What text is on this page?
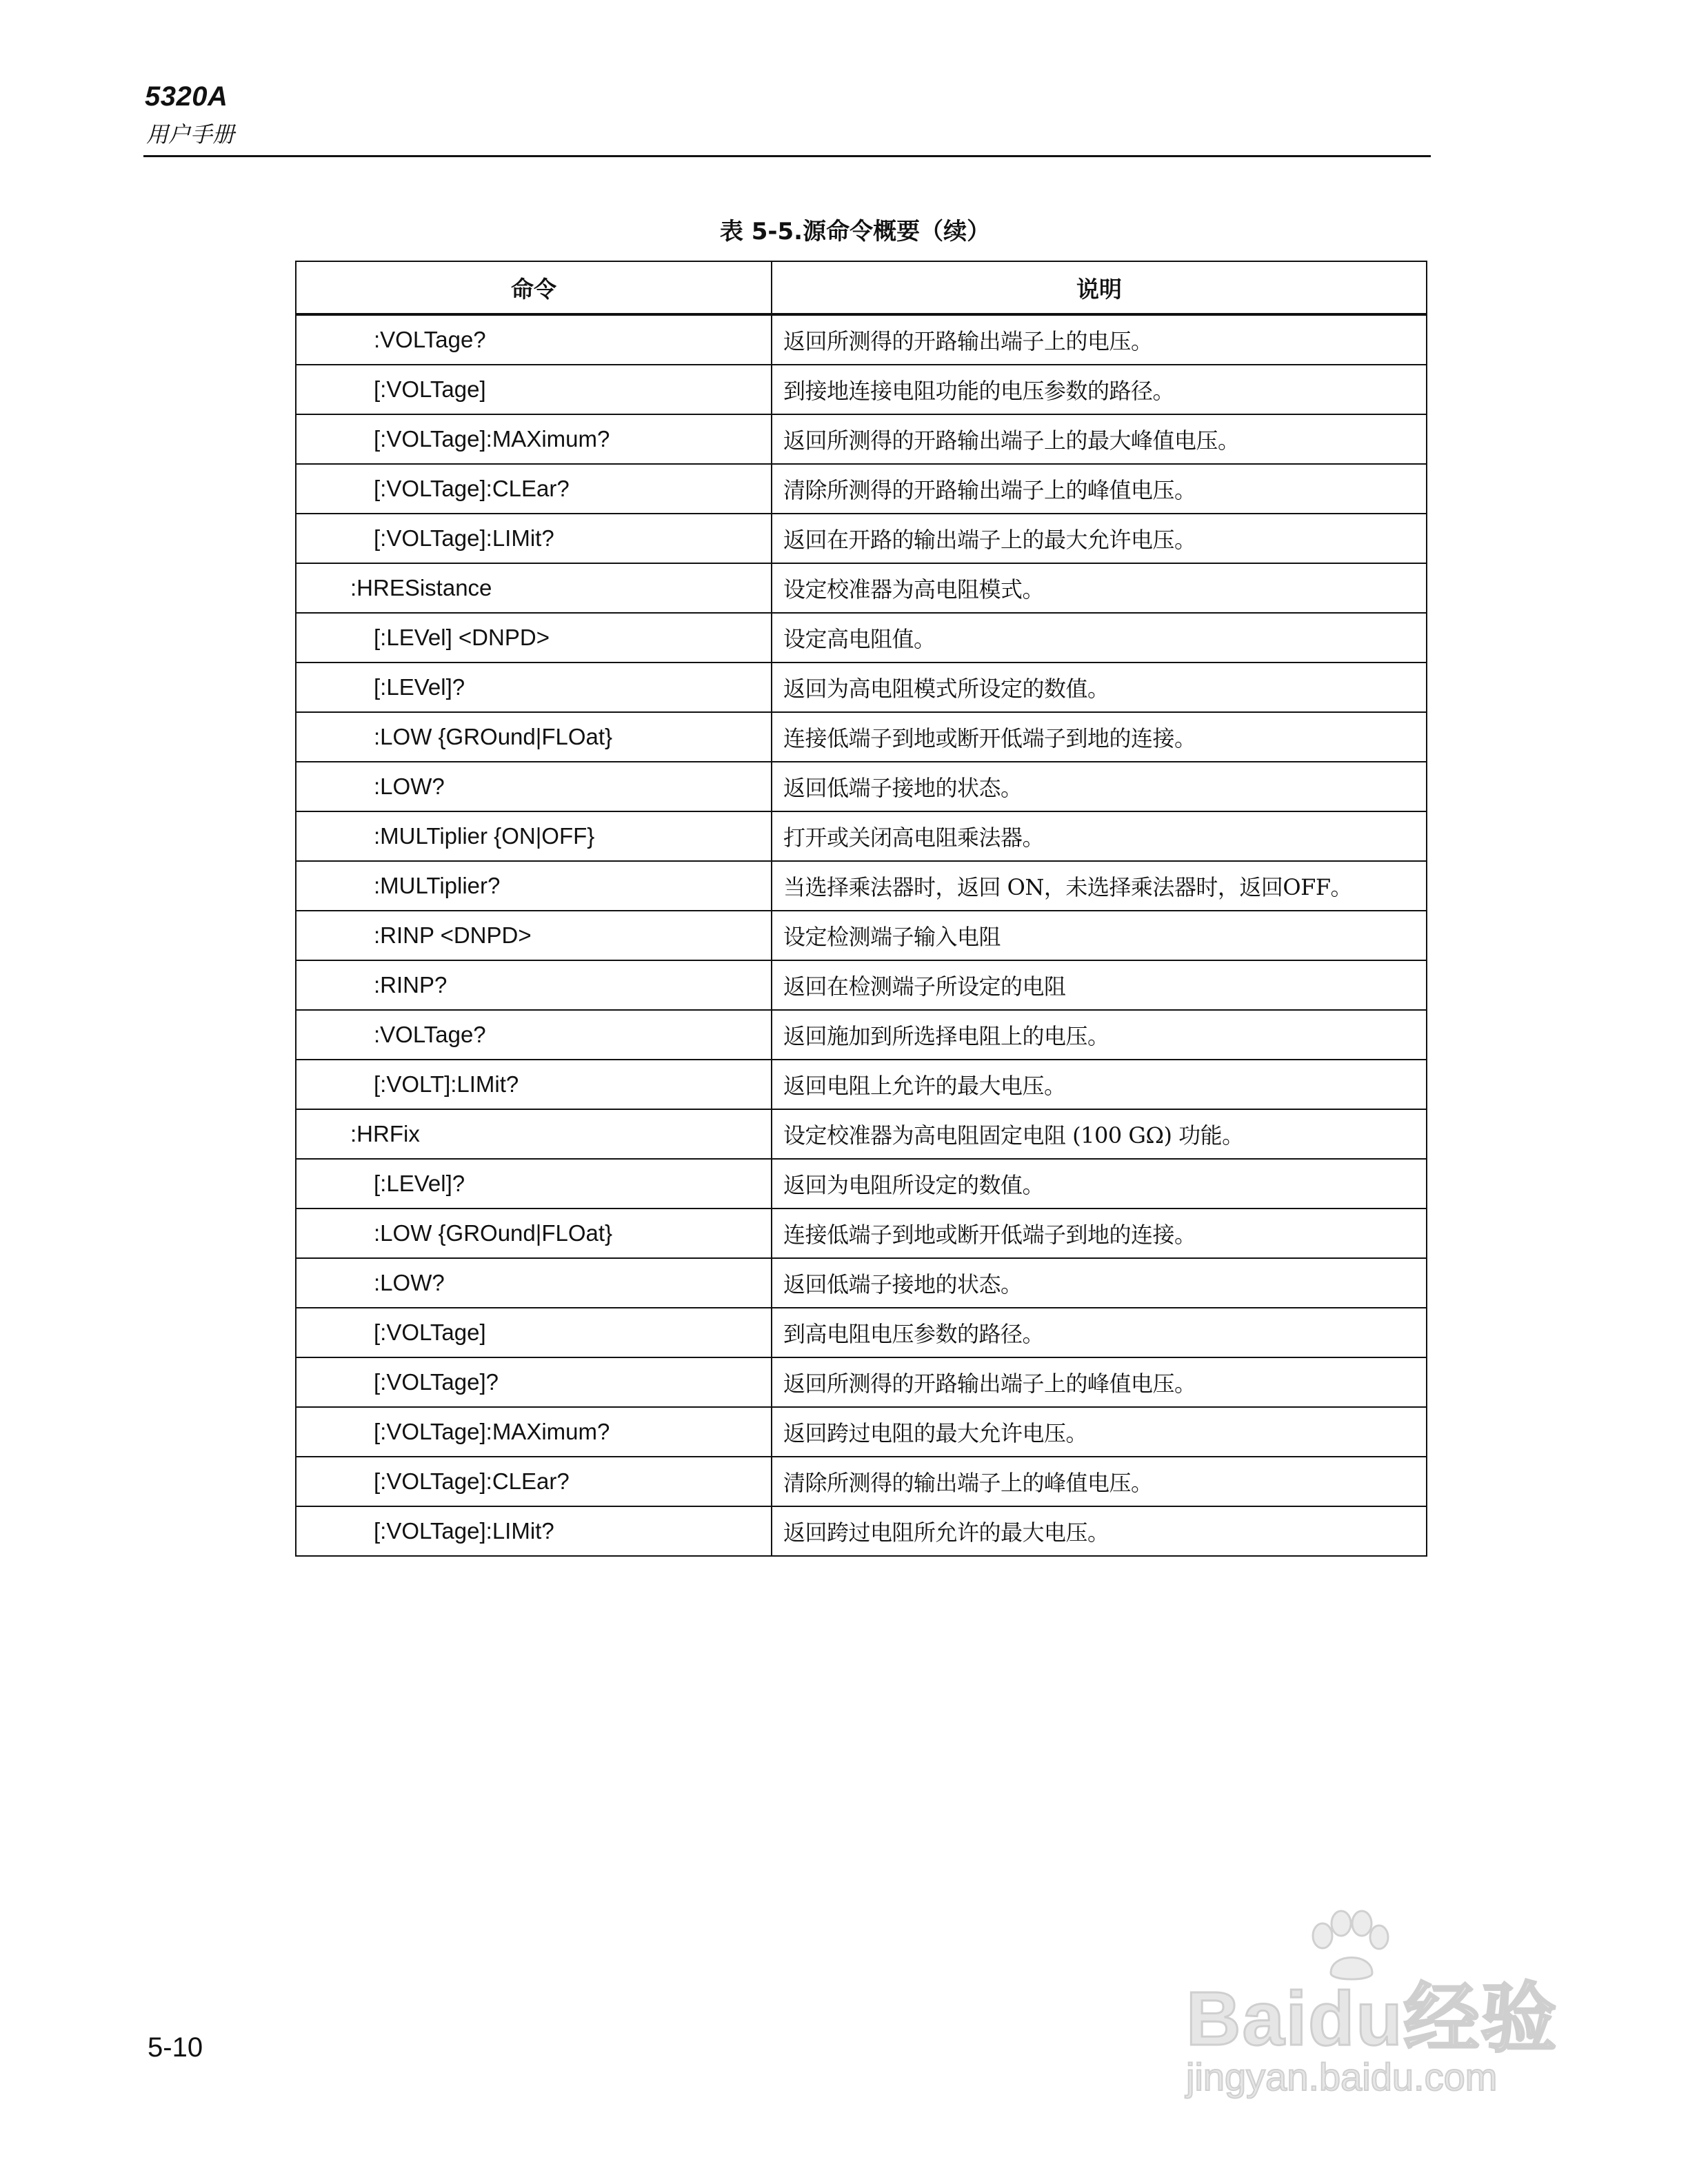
5320A
用户手册
表 5-5.源命令概要（续）
命令	说明
:VOLTage?	返回所测得的开路输出端子上的电压。
[:VOLTage]	到接地连接电阻功能的电压参数的路径。
[:VOLTage]:MAXimum?	返回所测得的开路输出端子上的最大峰值电压。
[:VOLTage]:CLEar?	清除所测得的开路输出端子上的峰值电压。
[:VOLTage]:LIMit?	返回在开路的输出端子上的最大允许电压。
:HRESistance	设定校准器为高电阻模式。
[:LEVel] <DNPD>	设定高电阻值。
[:LEVel]?	返回为高电阻模式所设定的数值。
:LOW {GROund|FLOat}	连接低端子到地或断开低端子到地的连接。
:LOW?	返回低端子接地的状态。
:MULTiplier {ON|OFF}	打开或关闭高电阻乘法器。
:MULTiplier?	当选择乘法器时，返回 ON，未选择乘法器时，返回OFF。
:RINP <DNPD>	设定检测端子输入电阻
:RINP?	返回在检测端子所设定的电阻
:VOLTage?	返回施加到所选择电阻上的电压。
[:VOLT]:LIMit?	返回电阻上允许的最大电压。
:HRFix	设定校准器为高电阻固定电阻 (100 GΩ) 功能。
[:LEVel]?	返回为电阻所设定的数值。
:LOW {GROund|FLOat}	连接低端子到地或断开低端子到地的连接。
:LOW?	返回低端子接地的状态。
[:VOLTage]	到高电阻电压参数的路径。
[:VOLTage]?	返回所测得的开路输出端子上的峰值电压。
[:VOLTage]:MAXimum?	返回跨过电阻的最大允许电压。
[:VOLTage]:CLEar?	清除所测得的输出端子上的峰值电压。
[:VOLTage]:LIMit?	返回跨过电阻所允许的最大电压。
5-10	Baidu经验
jingyan.baidu.com
